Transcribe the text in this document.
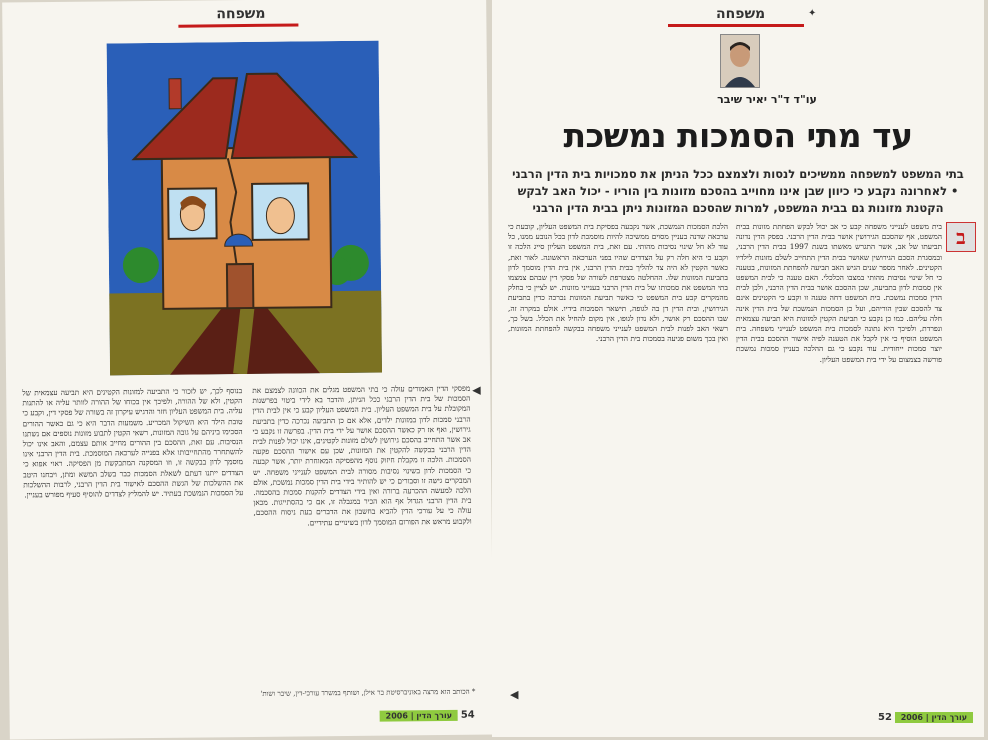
משפחה
◀
מפסקי הדין האמורים עולה כי בתי המשפט מגלים את הכוונה לצמצם את הסמכות של בית הדין הרבני ככל הניתן, והדבר בא לידי ביטוי בפרשנות המקובלת על בית המשפט העליון. בית המשפט העליון קבע כי אין לבית הדין הרבני סמכות לדון במזונות ילדים, אלא אם כן התביעה נכרכה כדין בתביעת גירושין, ואף אז רק כאשר ההסכם אושר על ידי בית הדין. בפרשה זו נקבע כי אב אשר התחייב בהסכם גירושין לשלם מזונות לקטינים, אינו יכול לפנות לבית הדין הרבני בבקשה להקטין את המזונות, שכן עם אישור ההסכם פקעה הסמכות. הלכה זו מקבלת חיזוק נוסף מהפסיקה המאוחרת יותר, אשר קבעה כי הסמכות לדון בשינוי נסיבות מסורה לבית המשפט לענייני משפחה. יש המבקרים גישה זו וסבורים כי יש להותיר בידי בית הדין סמכות נמשכת, אולם הלכה למעשה ההכרעה ברורה ואין בידי הצדדים להקנות סמכות בהסכמה. בית הדין הרבני הגדול אף הוא הכיר במגבלה זו, אם כי בהסתייגות. מכאן עולה כי על עורכי הדין להביא בחשבון את הדברים בעת ניסוח ההסכם, ולקבוע מראש את הפורום המוסמך לדון בשינויים עתידיים.
בנוסף לכך, יש לזכור כי התביעה למזונות הקטינים היא תביעה עצמאית של הקטין, ולא של ההורה, ולפיכך אין בכוחו של ההורה לוותר עליה או להתנות עליה. בית המשפט העליון חזר והדגיש עיקרון זה בשורה של פסקי דין, וקבע כי טובת הילד היא השיקול המכריע. משמעות הדבר היא כי גם כאשר ההורים הסכימו ביניהם על גובה המזונות, רשאי הקטין לתבוע מזונות נוספים אם נשתנו הנסיבות. עם זאת, ההסכם בין ההורים מחייב אותם עצמם, והאב אינו יכול להשתחרר מהתחייבותו אלא בפנייה לערכאה המוסמכת. בית הדין הרבני אינו מוסמך לדון בבקשה זו, וזו המסקנה המתבקשת מן הפסיקה. ראוי אפוא כי הצדדים ייתנו דעתם לשאלת הסמכות כבר בשלב המשא ומתן, ויבחנו היטב את ההשלכות של הגשת ההסכם לאישור בית הדין הרבני, לרבות ההשלכות על הסמכות הנמשכת בעתיד. יש להמליץ לצדדים להוסיף סעיף מפורש בעניין.
* הכותב הוא מרצה באוניברסיטת בר אילן, ושותף במשרד עורכי-דין, שיבר ושות'
עורך הדין | 2006 54
משפחה	✦
עו"ד ד"ר יאיר שיבר
עד מתי הסמכות נמשכת
בתי המשפט למשפחה ממשיכים לנסות ולצמצם ככל הניתן את סמכויות בית הדין הרבני • לאחרונה נקבע כי כיוון שבן אינו מחוייב בהסכם מזונות בין הוריו - יכול האב לבקש הקטנת מזונות גם בבית המשפט, למרות שהסכם המזונות ניתן בבית הדין הרבני
ב
בית משפט לענייני משפחה קבע כי אב יכול לבקש הפחתת מזונות בבית המשפט, אף שהסכם הגירושין אושר בבית הדין הרבני. בפסק הדין נדונה תביעתו של אב, אשר התגרש מאשתו בשנת 1997 בבית הדין הרבני, ובמסגרת הסכם הגירושין שאושר בבית הדין התחייב לשלם מזונות לילדיו הקטינים. לאחר מספר שנים הגיש האב תביעה להפחתת המזונות, בטענה כי חל שינוי נסיבות מהותי במצבו הכלכלי. האם טענה כי לבית המשפט אין סמכות לדון בתביעה, שכן ההסכם אושר בבית הדין הרבני, ולכן לבית הדין סמכות נמשכת. בית המשפט דחה טענה זו וקבע כי הקטינים אינם צד להסכם שבין הוריהם, ועל כן הסמכות הנמשכת של בית הדין אינה חלה עליהם. כמו כן נקבע כי תביעת הקטין למזונות היא תביעה עצמאית ונפרדת, ולפיכך היא נתונה לסמכות בית המשפט לענייני משפחה. בית המשפט הוסיף כי אין לקבל את הטענה לפיה אישור ההסכם בבית הדין יוצר סמכות ייחודית. עוד נקבע כי גם ההלכה בעניין סמכות נמשכת פורשה בצמצום על ידי בית המשפט העליון.
הלכת הסמכות הנמשכת, אשר נקבעה בפסיקת בית המשפט העליון, קובעת כי ערכאה שדנה בעניין מסוים ממשיכה להיות מוסמכת לדון בכל הנובע ממנו, כל עוד לא חל שינוי נסיבות מהותי. עם זאת, בית המשפט העליון סייג הלכה זו וקבע כי היא חלה רק על הצדדים שהיו בפני הערכאה הראשונה. לאור זאת, כאשר הקטין לא היה צד להליך בבית הדין הרבני, אין בית הדין מוסמך לדון בתביעת המזונות שלו. ההחלטה מצטרפת לשורה של פסקי דין שבהם צמצמו בתי המשפט את סמכותו של בית הדין הרבני בענייני מזונות. יש לציין כי בחלק מהמקרים קבע בית המשפט כי כאשר תביעת המזונות נכרכה כדין בתביעת הגירושין, ובית הדין דן בה לגופה, תישאר הסמכות בידיו. אולם במקרה זה, שבו ההסכם רק אושר, ולא נדון לגופו, אין מקום להחיל את הכלל. בשל כך, רשאי האב לפנות לבית המשפט לענייני משפחה בבקשה להפחתת המזונות, ואין בכך משום פגיעה בסמכות בית הדין הרבני.
◀
52 עורך הדין | 2006
